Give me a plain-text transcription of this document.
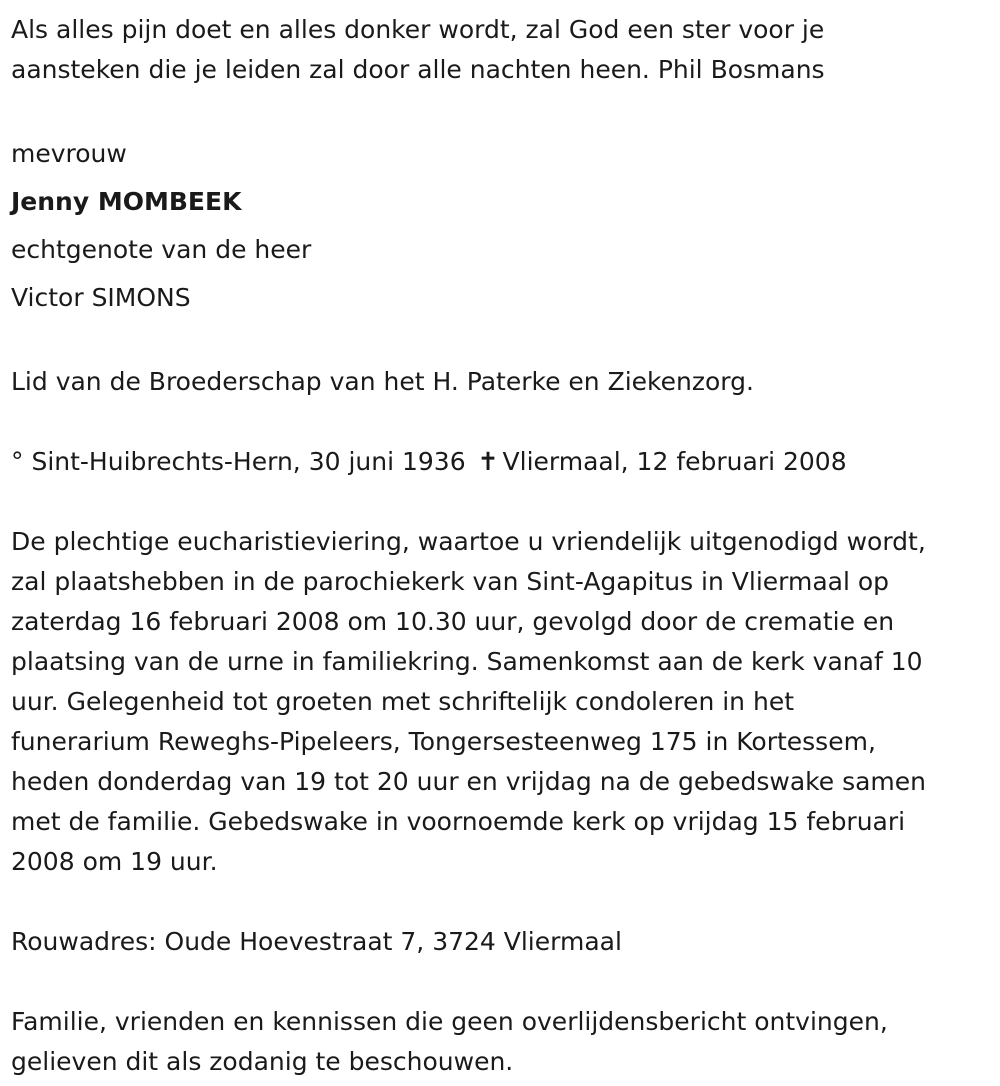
Als alles pijn doet en alles donker wordt, zal God een ster voor je

aansteken die je leiden zal door alle nachten heen. Phil Bosmans

mevrouw

Jenny MOMBEEK

echtgenote van de heer

Victor SIMONS

Lid van de Broederschap van het H. Paterke en Ziekenzorg.

° Sint-Huibrechts-Hern, 30 juni 1936 ✝ Vliermaal, 12 februari 2008

De plechtige eucharistieviering, waartoe u vriendelijk uitgenodigd wordt,

zal plaatshebben in de parochiekerk van Sint-Agapitus in Vliermaal op

zaterdag 16 februari 2008 om 10.30 uur, gevolgd door de crematie en

plaatsing van de urne in familiekring. Samenkomst aan de kerk vanaf 10

uur. Gelegenheid tot groeten met schriftelijk condoleren in het

funerarium Reweghs-Pipeleers, Tongersesteenweg 175 in Kortessem,

heden donderdag van 19 tot 20 uur en vrijdag na de gebedswake samen

met de familie. Gebedswake in voornoemde kerk op vrijdag 15 februari

2008 om 19 uur.

Rouwadres: Oude Hoevestraat 7, 3724 Vliermaal

Familie, vrienden en kennissen die geen overlijdensbericht ontvingen,

gelieven dit als zodanig te beschouwen.
